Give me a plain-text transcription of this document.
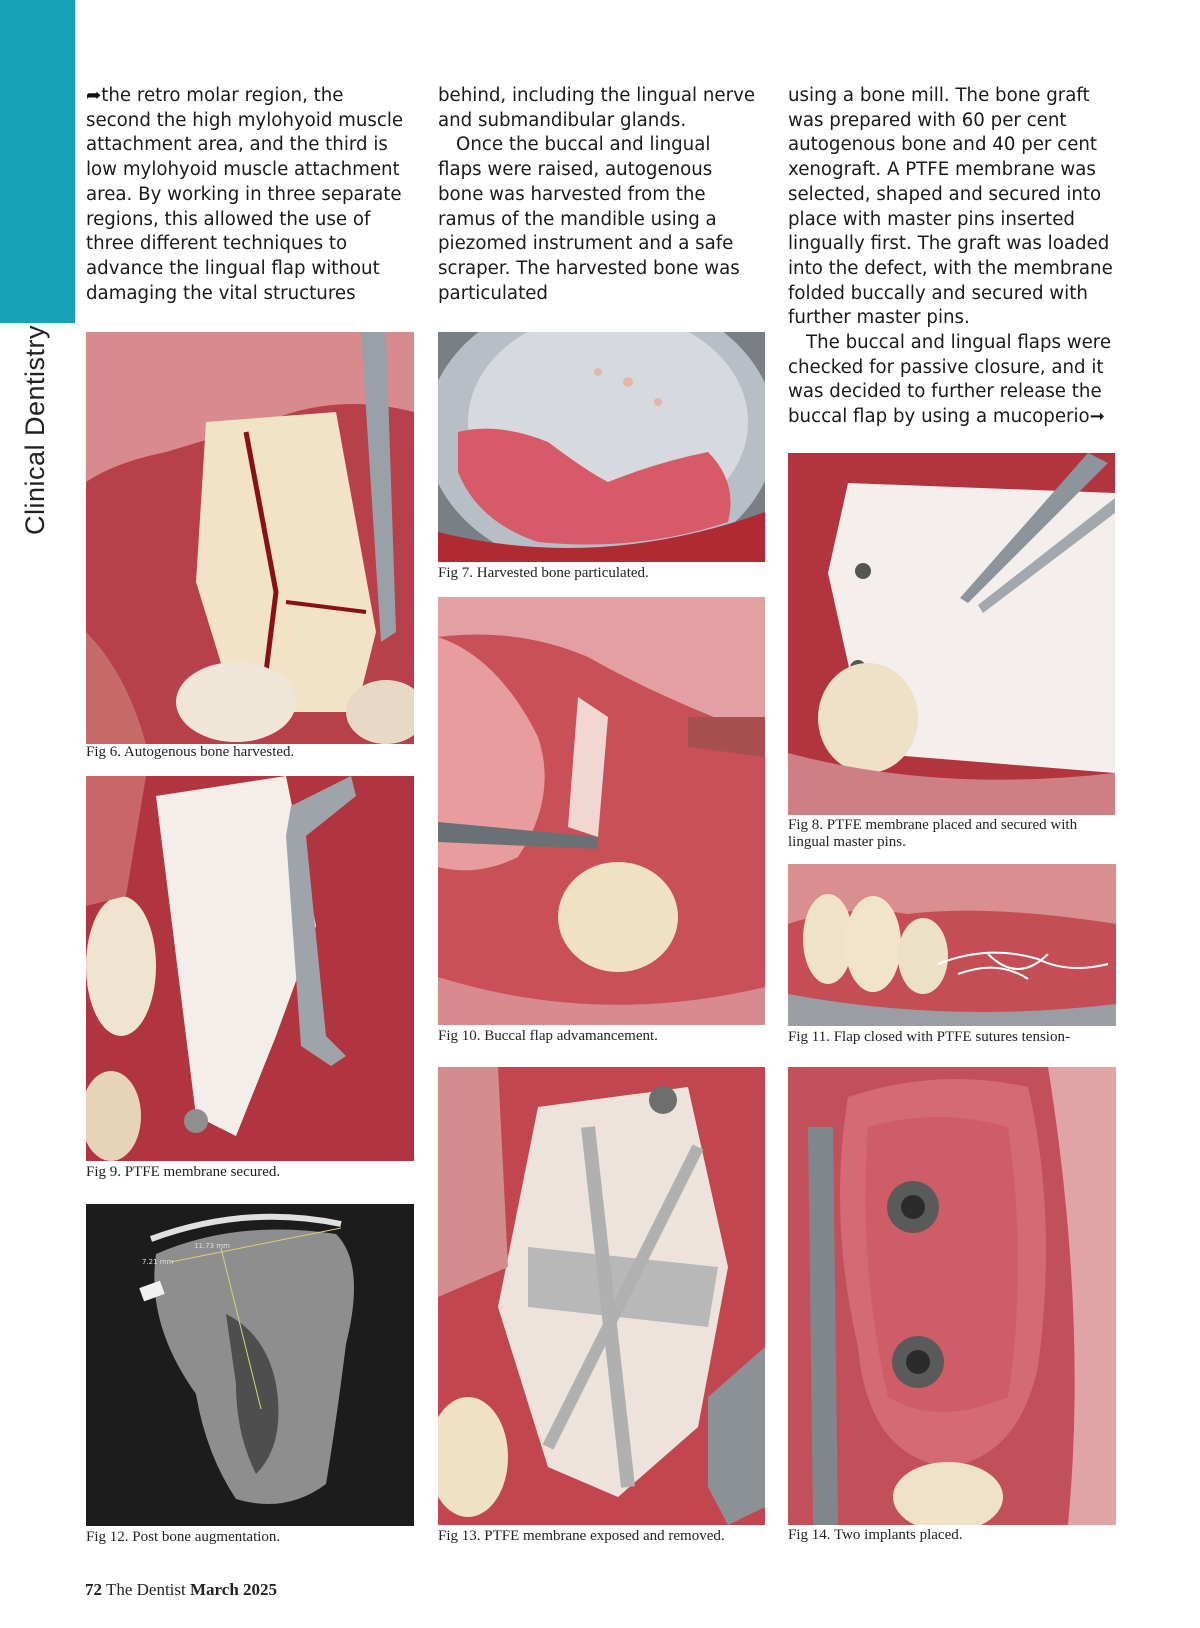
Clinical Dentistry

➦the retro molar region, the second the high mylohyoid muscle attachment area, and the third is low mylohyoid muscle attachment area. By working in three separate regions, this allowed the use of three different techniques to advance the lingual flap without damaging the vital structures

behind, including the lingual nerve and submandibular glands.

Once the buccal and lingual flaps were raised, autogenous bone was harvested from the ramus of the mandible using a piezomed instrument and a safe scraper. The harvested bone was particulated

using a bone mill. The bone graft was prepared with 60 per cent autogenous bone and 40 per cent xenograft. A PTFE membrane was selected, shaped and secured into place with master pins inserted lingually first. The graft was loaded into the defect, with the membrane folded buccally and secured with further master pins.

The buccal and lingual flaps were checked for passive closure, and it was decided to further release the buccal flap by using a mucoperio➞

Fig 6. Autogenous bone harvested.
Fig 7. Harvested bone particulated.
Fig 8. PTFE membrane placed and secured with lingual master pins.
Fig 9. PTFE membrane secured.
Fig 10. Buccal flap advamancement.	Fig 11. Flap closed with PTFE sutures tension-
11.73 mm
7.21 mm
Fig 12. Post bone augmentation.	Fig 13. PTFE membrane exposed and removed.	Fig 14. Two implants placed.
72 The Dentist March 2025
